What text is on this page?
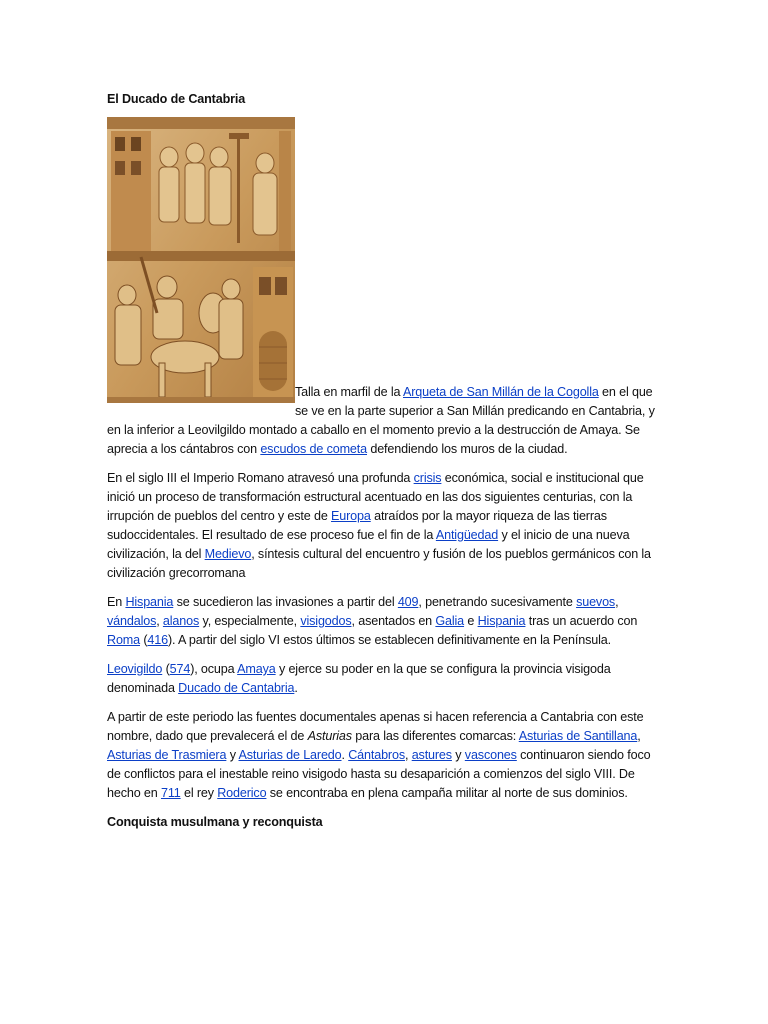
El Ducado de Cantabria

Talla en marfil de la Arqueta de San Millán de la Cogolla en el que se ve en la parte superior a San Millán predicando en Cantabria, y en la inferior a Leovilgildo montado a caballo en el momento previo a la destrucción de Amaya. Se aprecia a los cántabros con escudos de cometa defendiendo los muros de la ciudad.

En el siglo III el Imperio Romano atravesó una profunda crisis económica, social e institucional que inició un proceso de transformación estructural acentuado en las dos siguientes centurias, con la irrupción de pueblos del centro y este de Europa atraídos por la mayor riqueza de las tierras sudoccidentales. El resultado de ese proceso fue el fin de la Antigüedad y el inicio de una nueva civilización, la del Medievo, síntesis cultural del encuentro y fusión de los pueblos germánicos con la civilización grecorromana

En Hispania se sucedieron las invasiones a partir del 409, penetrando sucesivamente suevos, vándalos, alanos y, especialmente, visigodos, asentados en Galia e Hispania tras un acuerdo con Roma (416). A partir del siglo VI estos últimos se establecen definitivamente en la Península.

Leovigildo (574), ocupa Amaya y ejerce su poder en la que se configura la provincia visigoda denominada Ducado de Cantabria.

A partir de este periodo las fuentes documentales apenas si hacen referencia a Cantabria con este nombre, dado que prevalecerá el de Asturias para las diferentes comarcas: Asturias de Santillana, Asturias de Trasmiera y Asturias de Laredo. Cántabros, astures y vascones continuaron siendo foco de conflictos para el inestable reino visigodo hasta su desaparición a comienzos del siglo VIII. De hecho en 711 el rey Roderico se encontraba en plena campaña militar al norte de sus dominios.

Conquista musulmana y reconquista
